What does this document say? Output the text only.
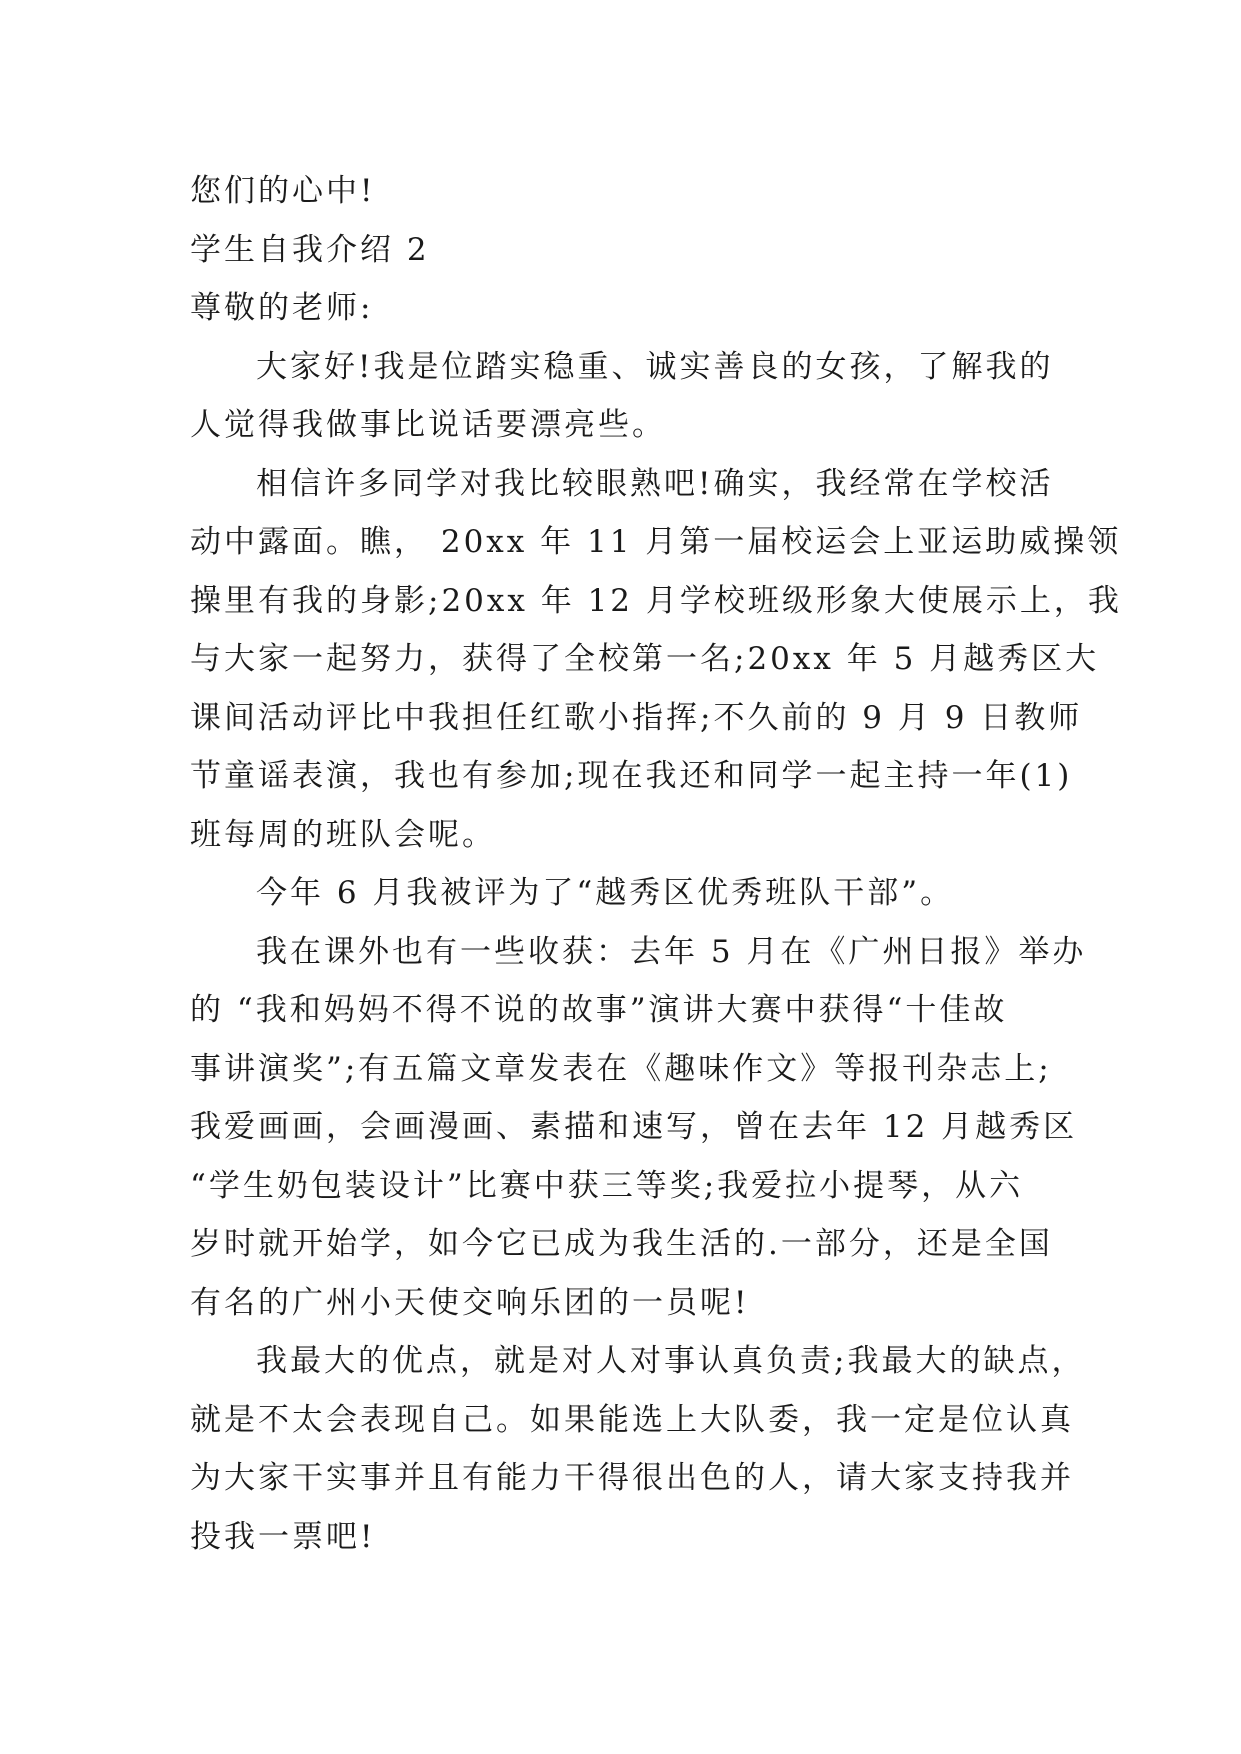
您们的心中!

学生自我介绍 2

尊敬的老师:

大家好!我是位踏实稳重、诚实善良的女孩，了解我的

人觉得我做事比说话要漂亮些。

相信许多同学对我比较眼熟吧!确实，我经常在学校活

动中露面。瞧， 20xx 年 11 月第一届校运会上亚运助威操领

操里有我的身影;20xx 年 12 月学校班级形象大使展示上，我

与大家一起努力，获得了全校第一名;20xx 年 5 月越秀区大

课间活动评比中我担任红歌小指挥;不久前的 9 月 9 日教师

节童谣表演，我也有参加;现在我还和同学一起主持一年(1)

班每周的班队会呢。

今年 6 月我被评为了“越秀区优秀班队干部”。

我在课外也有一些收获：去年 5 月在《广州日报》举办

的 “我和妈妈不得不说的故事”演讲大赛中获得“十佳故

事讲演奖”;有五篇文章发表在《趣味作文》等报刊杂志上;

我爱画画，会画漫画、素描和速写，曾在去年 12 月越秀区

“学生奶包装设计”比赛中获三等奖;我爱拉小提琴，从六

岁时就开始学，如今它已成为我生活的.一部分，还是全国

有名的广州小天使交响乐团的一员呢!

我最大的优点，就是对人对事认真负责;我最大的缺点，

就是不太会表现自己。如果能选上大队委，我一定是位认真

为大家干实事并且有能力干得很出色的人，请大家支持我并

投我一票吧!
